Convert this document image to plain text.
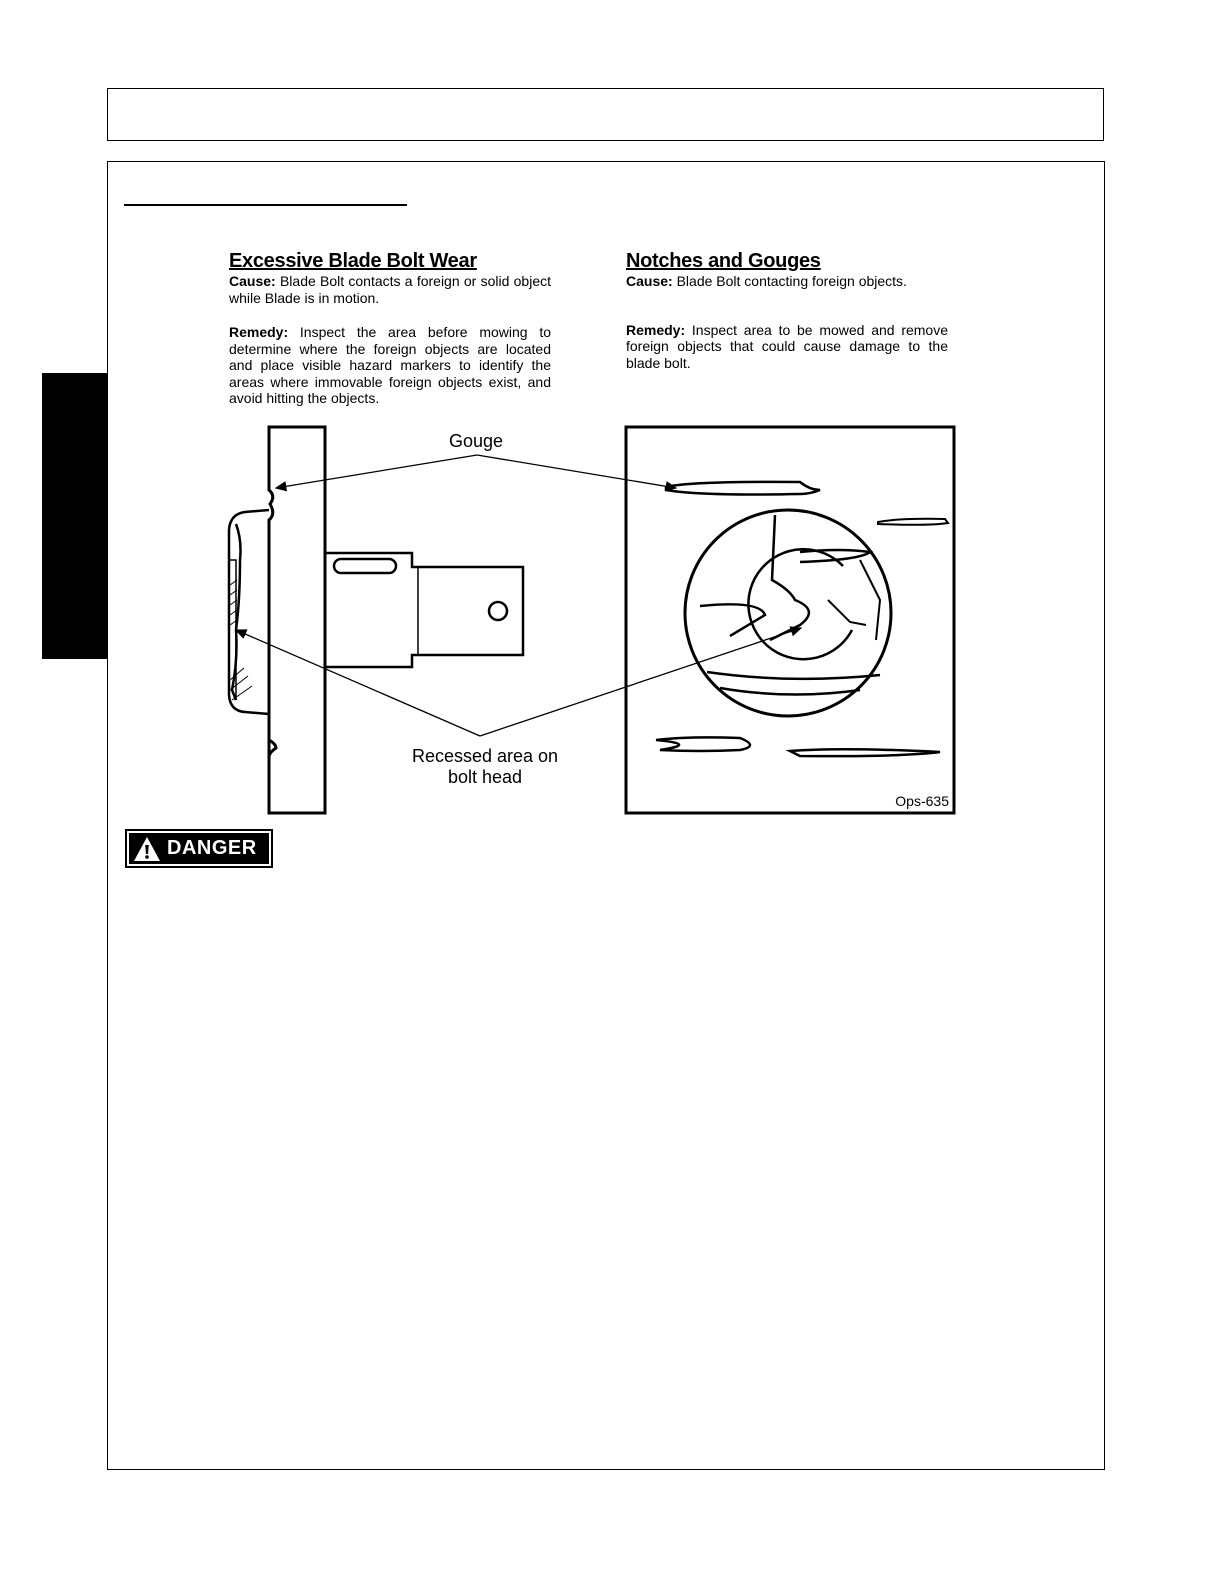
Excessive Blade Bolt Wear

Cause: Blade Bolt contacts a foreign or solid object while Blade is in motion.

Remedy: Inspect the area before mowing to determine where the foreign objects are located and place visible hazard markers to identify the areas where immovable foreign objects exist, and avoid hitting the objects.

Notches and Gouges

Cause: Blade Bolt contacting foreign objects.

Remedy: Inspect area to be mowed and remove foreign objects that could cause damage to the blade bolt.

Gouge
Recessed area on
bolt head
Ops-635
DANGER
